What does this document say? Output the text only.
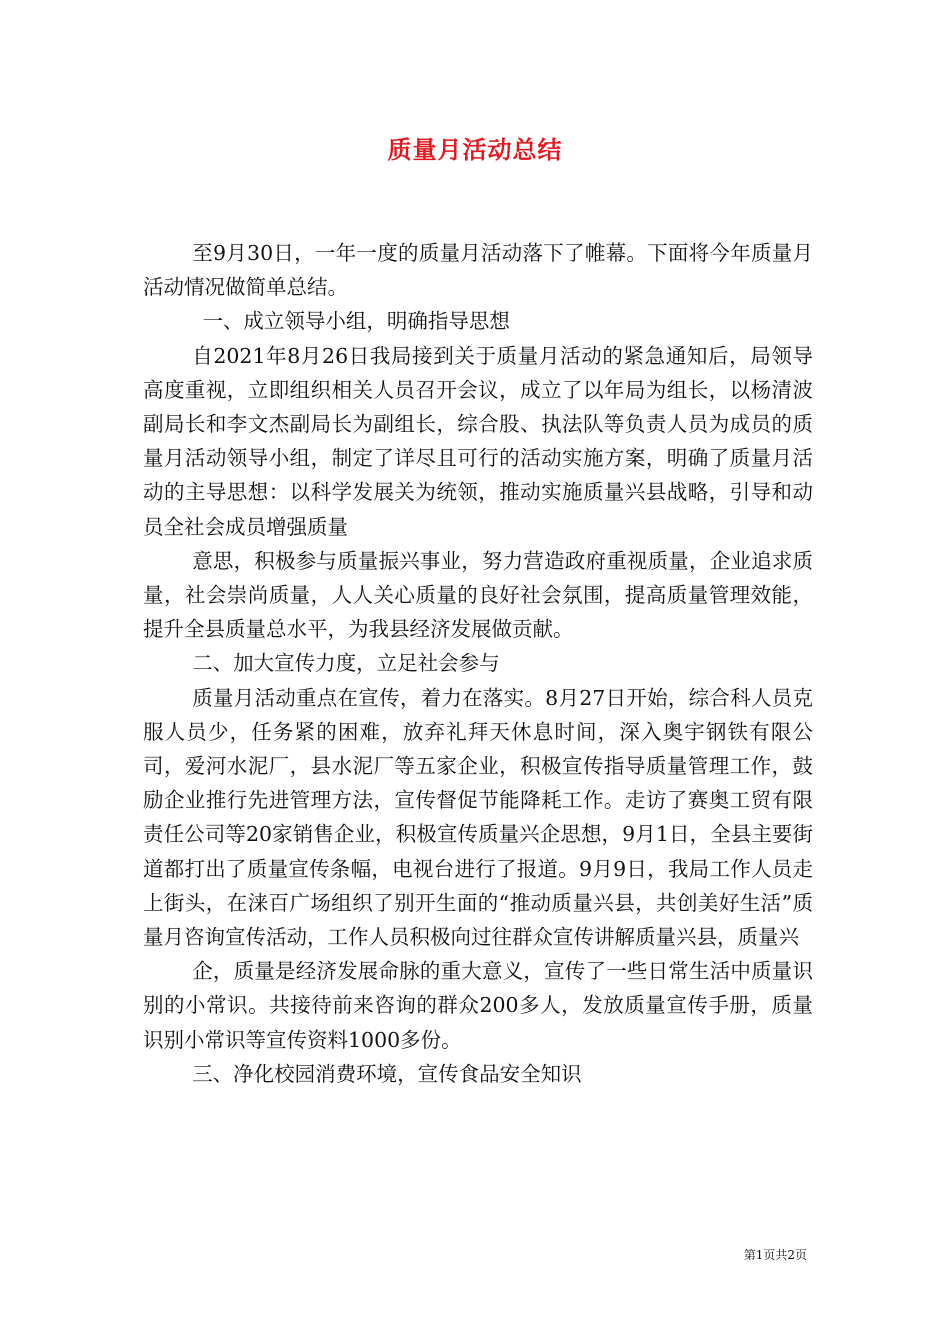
质量月活动总结

至9月30日，一年一度的质量月活动落下了帷幕。下面将今年质量月活动情况做简单总结。

一、成立领导小组，明确指导思想

自2021年8月26日我局接到关于质量月活动的紧急通知后，局领导高度重视，立即组织相关人员召开会议，成立了以年局为组长，以杨清波副局长和李文杰副局长为副组长，综合股、执法队等负责人员为成员的质量月活动领导小组，制定了详尽且可行的活动实施方案，明确了质量月活动的主导思想：以科学发展关为统领，推动实施质量兴县战略，引导和动员全社会成员增强质量

意思，积极参与质量振兴事业，努力营造政府重视质量，企业追求质量，社会崇尚质量，人人关心质量的良好社会氛围，提高质量管理效能，提升全县质量总水平，为我县经济发展做贡献。

二、加大宣传力度，立足社会参与

质量月活动重点在宣传，着力在落实。8月27日开始，综合科人员克服人员少，任务紧的困难，放弃礼拜天休息时间，深入奥宇钢铁有限公司，爱河水泥厂，县水泥厂等五家企业，积极宣传指导质量管理工作，鼓励企业推行先进管理方法，宣传督促节能降耗工作。走访了赛奥工贸有限责任公司等20家销售企业，积极宣传质量兴企思想，9月1日，全县主要街道都打出了质量宣传条幅，电视台进行了报道。9月9日，我局工作人员走上街头，在涞百广场组织了别开生面的“推动质量兴县，共创美好生活”质量月咨询宣传活动，工作人员积极向过往群众宣传讲解质量兴县，质量兴

企，质量是经济发展命脉的重大意义，宣传了一些日常生活中质量识别的小常识。共接待前来咨询的群众200多人，发放质量宣传手册，质量识别小常识等宣传资料1000多份。

三、净化校园消费环境，宣传食品安全知识

第1页共2页
